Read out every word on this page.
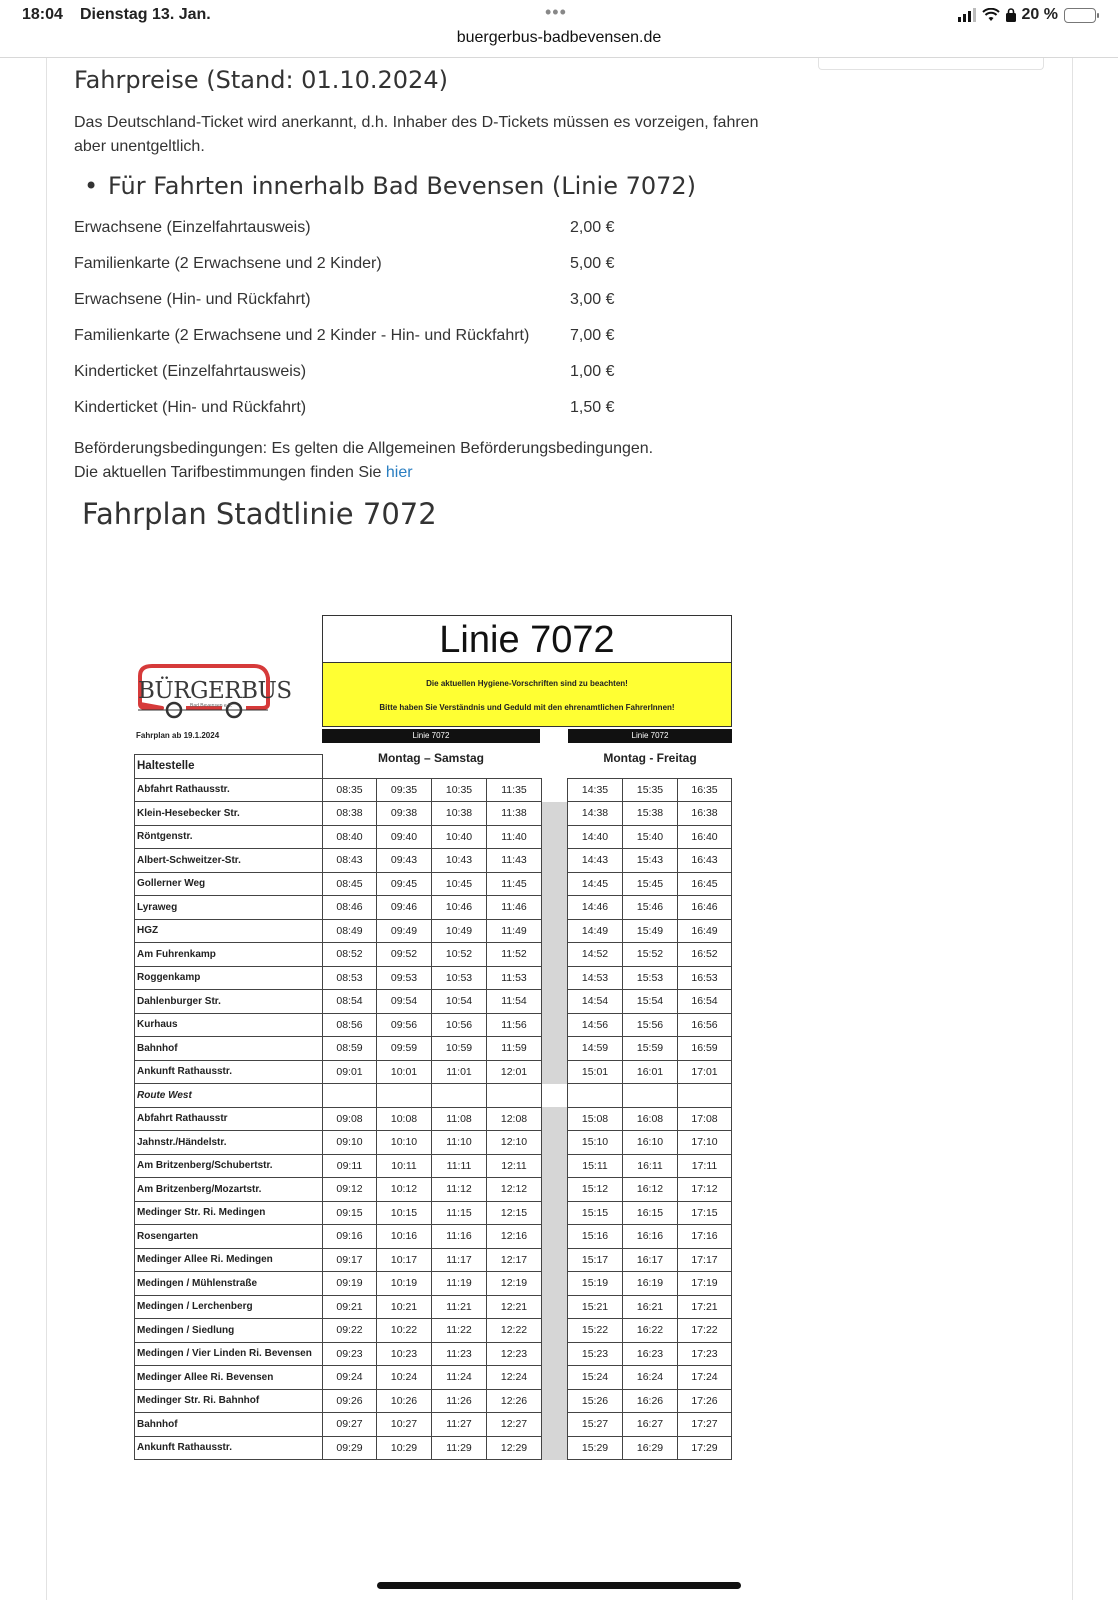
18:04 Dienstag 13. Jan.	•••
buergerbus-badbevensen.de
20 %
Fahrpreise (Stand: 01.10.2024)
Das Deutschland-Ticket wird anerkannt, d.h. Inhaber des D-Tickets müssen es vorzeigen, fahren aber unentgeltlich.
• Für Fahrten innerhalb Bad Bevensen (Linie 7072)
Erwachsene (Einzelfahrtausweis)	2,00 €
Familienkarte (2 Erwachsene und 2 Kinder)	5,00 €
Erwachsene (Hin- und Rückfahrt)	3,00 €
Familienkarte (2 Erwachsene und 2 Kinder - Hin- und Rückfahrt)	7,00 €
Kinderticket (Einzelfahrtausweis)	1,00 €
Kinderticket (Hin- und Rückfahrt)	1,50 €
Beförderungsbedingungen: Es gelten die Allgemeinen Beförderungsbedingungen.
Die aktuellen Tarifbestimmungen finden Sie hier
Fahrplan Stadtlinie 7072
BÜRGERBUS
Bad Bevensen e.V.
Fahrplan ab 19.1.2024
Linie 7072
Die aktuellen Hygiene-Vorschriften sind zu beachten!
Bitte haben Sie Verständnis und Geduld mit den ehrenamtlichen FahrerInnen!
Linie 7072	Linie 7072
Montag – Samstag	Montag - Freitag
Haltestelle								
Abfahrt Rathausstr.	08:35	09:35	10:35	11:35		14:35	15:35	16:35
Klein-Hesebecker Str.	08:38	09:38	10:38	11:38		14:38	15:38	16:38
Röntgenstr.	08:40	09:40	10:40	11:40		14:40	15:40	16:40
Albert-Schweitzer-Str.	08:43	09:43	10:43	11:43		14:43	15:43	16:43
Gollerner Weg	08:45	09:45	10:45	11:45		14:45	15:45	16:45
Lyraweg	08:46	09:46	10:46	11:46		14:46	15:46	16:46
HGZ	08:49	09:49	10:49	11:49		14:49	15:49	16:49
Am Fuhrenkamp	08:52	09:52	10:52	11:52		14:52	15:52	16:52
Roggenkamp	08:53	09:53	10:53	11:53		14:53	15:53	16:53
Dahlenburger Str.	08:54	09:54	10:54	11:54		14:54	15:54	16:54
Kurhaus	08:56	09:56	10:56	11:56		14:56	15:56	16:56
Bahnhof	08:59	09:59	10:59	11:59		14:59	15:59	16:59
Ankunft Rathausstr.	09:01	10:01	11:01	12:01		15:01	16:01	17:01
Route West								
Abfahrt Rathausstr	09:08	10:08	11:08	12:08		15:08	16:08	17:08
Jahnstr./Händelstr.	09:10	10:10	11:10	12:10		15:10	16:10	17:10
Am Britzenberg/Schubertstr.	09:11	10:11	11:11	12:11		15:11	16:11	17:11
Am Britzenberg/Mozartstr.	09:12	10:12	11:12	12:12		15:12	16:12	17:12
Medinger Str. Ri. Medingen	09:15	10:15	11:15	12:15		15:15	16:15	17:15
Rosengarten	09:16	10:16	11:16	12:16		15:16	16:16	17:16
Medinger Allee Ri. Medingen	09:17	10:17	11:17	12:17		15:17	16:17	17:17
Medingen / Mühlenstraße	09:19	10:19	11:19	12:19		15:19	16:19	17:19
Medingen / Lerchenberg	09:21	10:21	11:21	12:21		15:21	16:21	17:21
Medingen / Siedlung	09:22	10:22	11:22	12:22		15:22	16:22	17:22
Medingen / Vier Linden Ri. Bevensen	09:23	10:23	11:23	12:23		15:23	16:23	17:23
Medinger Allee Ri. Bevensen	09:24	10:24	11:24	12:24		15:24	16:24	17:24
Medinger Str. Ri. Bahnhof	09:26	10:26	11:26	12:26		15:26	16:26	17:26
Bahnhof	09:27	10:27	11:27	12:27		15:27	16:27	17:27
Ankunft Rathausstr.	09:29	10:29	11:29	12:29		15:29	16:29	17:29
